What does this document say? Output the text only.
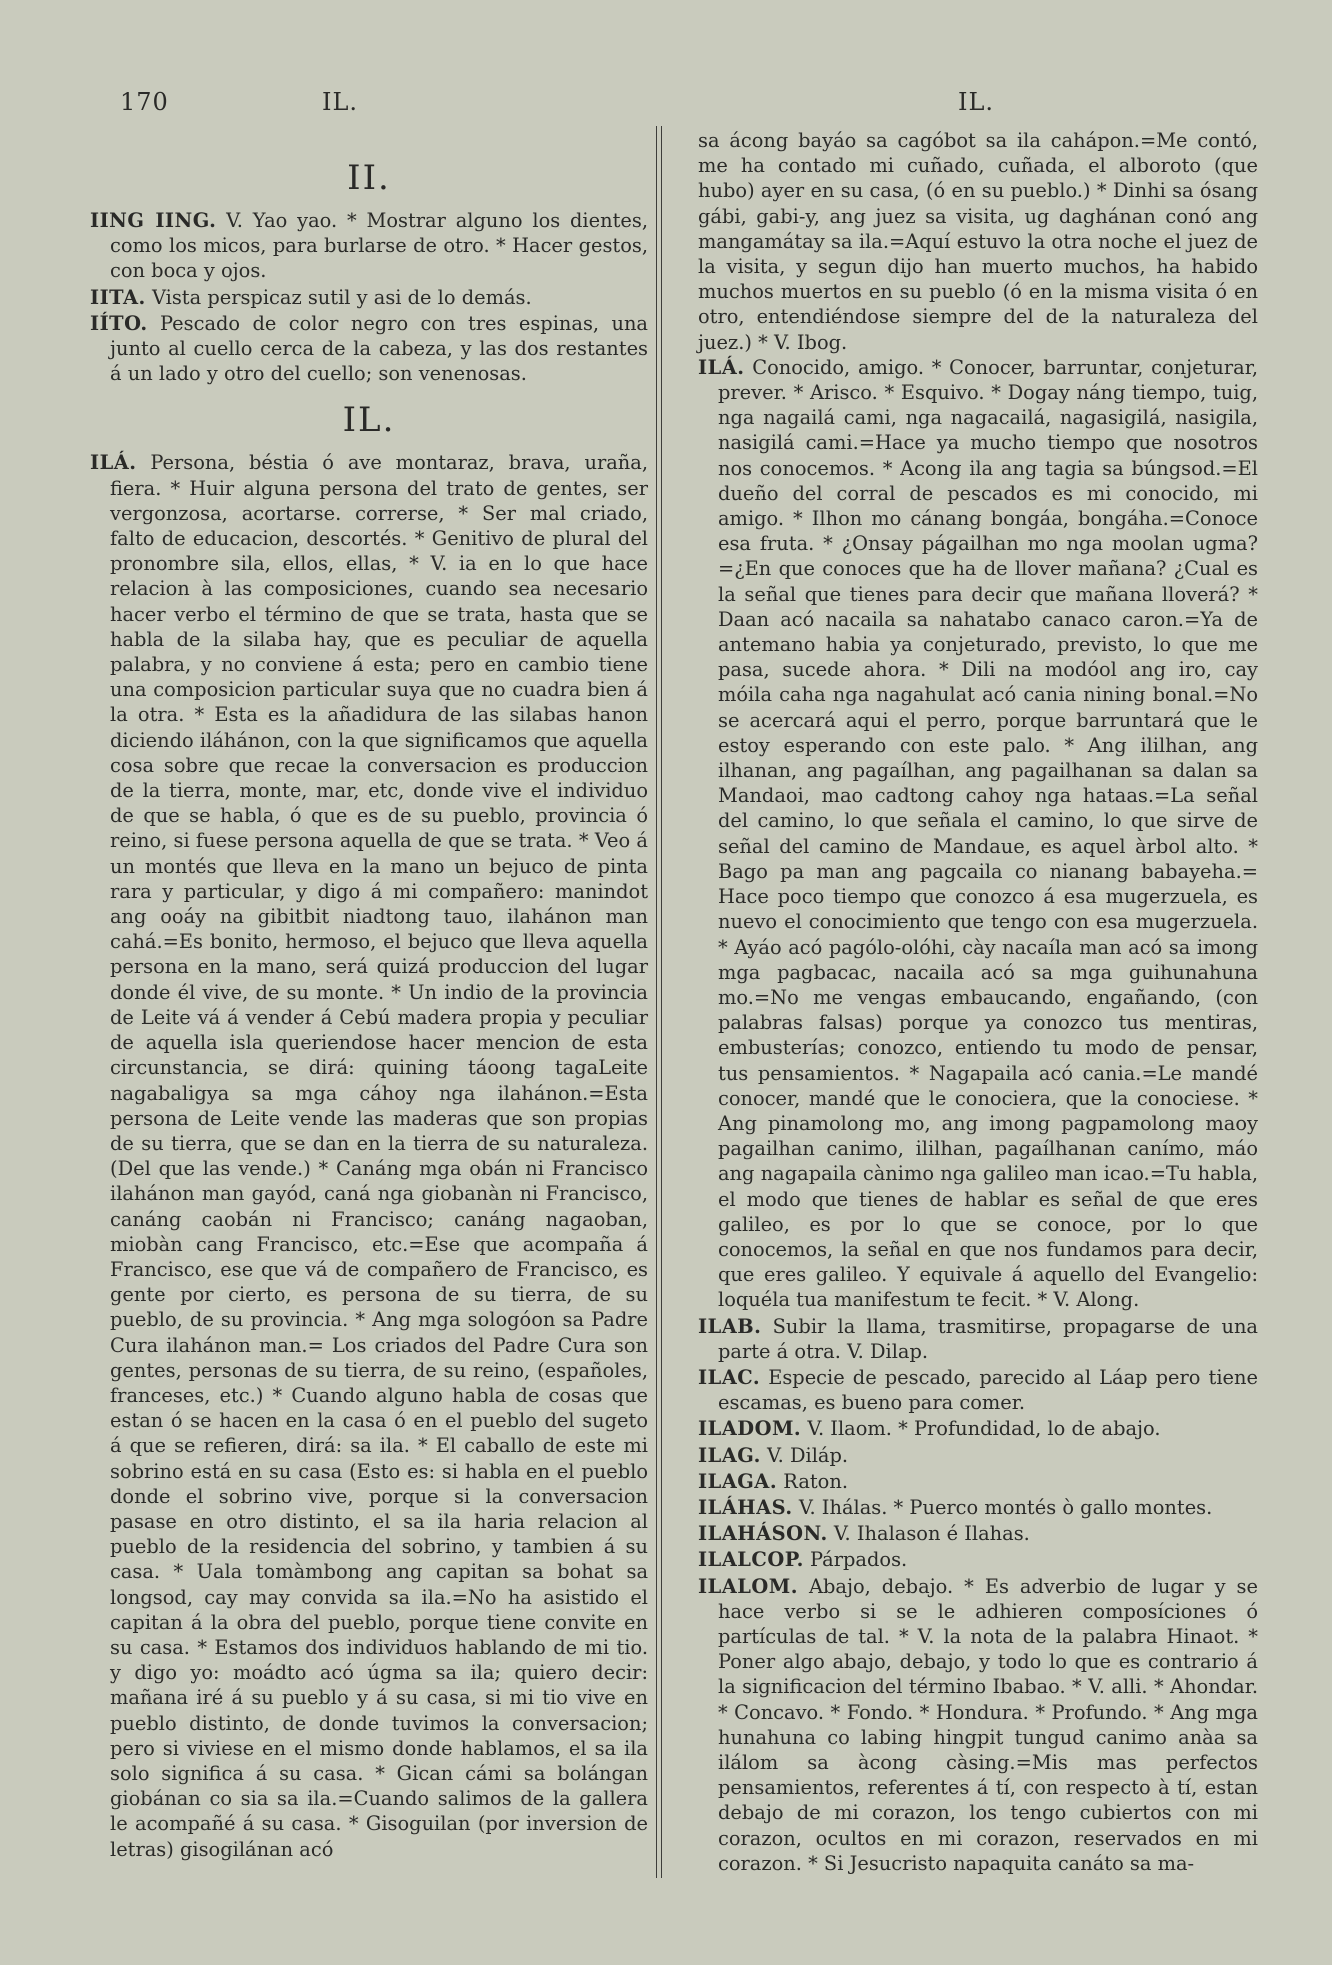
170	IL.	IL.
II.

IING IING. V. Yao yao. * Mostrar alguno los dientes, como los micos, para burlarse de otro. * Hacer gestos, con boca y ojos.

IITA. Vista perspicaz sutil y asi de lo demás.

IÍTO. Pescado de color negro con tres espinas, una junto al cuello cerca de la cabeza, y las dos restantes á un lado y otro del cuello; son venenosas.

IL.

ILÁ. Persona, béstia ó ave montaraz, brava, uraña, fiera. * Huir alguna persona del trato de gentes, ser vergonzosa, acortarse. correrse, * Ser mal criado, falto de educacion, descortés. * Genitivo de plural del pronombre sila, ellos, ellas, * V. ia en lo que hace relacion à las composiciones, cuando sea necesario hacer verbo el término de que se trata, hasta que se habla de la silaba hay, que es peculiar de aquella palabra, y no conviene á esta; pero en cambio tiene una composicion particular suya que no cuadra bien á la otra. * Esta es la añadidura de las silabas hanon diciendo iláhánon, con la que significamos que aquella cosa sobre que recae la conversacion es produccion de la tierra, monte, mar, etc, donde vive el individuo de que se habla, ó que es de su pueblo, provincia ó reino, si fuese persona aquella de que se trata. * Veo á un montés que lleva en la mano un bejuco de pinta rara y particular, y digo á mi compañero: manindot ang ooáy na gibitbit niadtong tauo, ilahánon man cahá.=Es bonito, hermoso, el bejuco que lleva aquella persona en la mano, será quizá produccion del lugar donde él vive, de su monte. * Un indio de la provincia de Leite vá á vender á Cebú madera propia y peculiar de aquella isla queriendose hacer mencion de esta circunstancia, se dirá: quining táoong tagaLeite nagabaligya sa mga cáhoy nga ilahánon.=Esta persona de Leite vende las maderas que son propias de su tierra, que se dan en la tierra de su naturaleza. (Del que las vende.) * Canáng mga obán ni Francisco ilahánon man gayód, caná nga giobanàn ni Francisco, canáng caobán ni Francisco; canáng nagaoban, miobàn cang Francisco, etc.=Ese que acompaña á Francisco, ese que vá de compañero de Francisco, es gente por cierto, es persona de su tierra, de su pueblo, de su provincia. * Ang mga sologóon sa Padre Cura ilahánon man.= Los criados del Padre Cura son gentes, personas de su tierra, de su reino, (españoles, franceses, etc.) * Cuando alguno habla de cosas que estan ó se hacen en la casa ó en el pueblo del sugeto á que se refieren, dirá: sa ila. * El caballo de este mi sobrino está en su casa (Esto es: si habla en el pueblo donde el sobrino vive, porque si la conversacion pasase en otro distinto, el sa ila haria relacion al pueblo de la residencia del sobrino, y tambien á su casa. * Uala tomàmbong ang capitan sa bohat sa longsod, cay may convida sa ila.=No ha asistido el capitan á la obra del pueblo, porque tiene convite en su casa. * Estamos dos individuos hablando de mi tio. y digo yo: moádto acó úgma sa ila; quiero decir: mañana iré á su pueblo y á su casa, si mi tio vive en pueblo distinto, de donde tuvimos la conversacion; pero si viviese en el mismo donde hablamos, el sa ila solo significa á su casa. * Gican cámi sa bolángan giobánan co sia sa ila.=Cuando salimos de la gallera le acompañé á su casa. * Gisoguilan (por inversion de letras) gisogilánan acó

sa ácong bayáo sa cagóbot sa ila cahápon.=Me contó, me ha contado mi cuñado, cuñada, el alboroto (que hubo) ayer en su casa, (ó en su pueblo.) * Dinhi sa ósang gábi, gabi-y, ang juez sa visita, ug daghánan conó ang mangamátay sa ila.=Aquí estuvo la otra noche el juez de la visita, y segun dijo han muerto muchos, ha habido muchos muertos en su pueblo (ó en la misma visita ó en otro, entendiéndose siempre del de la naturaleza del juez.) * V. Ibog.

ILÁ. Conocido, amigo. * Conocer, barruntar, conjeturar, prever. * Arisco. * Esquivo. * Dogay náng tiempo, tuig, nga nagailá cami, nga nagacailá, nagasigilá, nasigila, nasigilá cami.=Hace ya mucho tiempo que nosotros nos conocemos. * Acong ila ang tagia sa búngsod.=El dueño del corral de pescados es mi conocido, mi amigo. * Ilhon mo cánang bongáa, bongáha.=Conoce esa fruta. * ¿Onsay págailhan mo nga moolan ugma?=¿En que conoces que ha de llover mañana? ¿Cual es la señal que tienes para decir que mañana lloverá? * Daan acó nacaila sa nahatabo canaco caron.=Ya de antemano habia ya conjeturado, previsto, lo que me pasa, sucede ahora. * Dili na modóol ang iro, cay móila caha nga nagahulat acó cania nining bonal.=No se acercará aqui el perro, porque barruntará que le estoy esperando con este palo. * Ang ililhan, ang ilhanan, ang pagaílhan, ang pagailhanan sa dalan sa Mandaoi, mao cadtong cahoy nga hataas.=La señal del camino, lo que señala el camino, lo que sirve de señal del camino de Mandaue, es aquel àrbol alto. * Bago pa man ang pagcaila co nianang babayeha.= Hace poco tiempo que conozco á esa mugerzuela, es nuevo el conocimiento que tengo con esa mugerzuela. * Ayáo acó pagólo-olóhi, cày nacaíla man acó sa imong mga pagbacac, nacaila acó sa mga guihunahuna mo.=No me vengas embaucando, engañando, (con palabras falsas) porque ya conozco tus mentiras, embusterías; conozco, entiendo tu modo de pensar, tus pensamientos. * Nagapaila acó cania.=Le mandé conocer, mandé que le conociera, que la conociese. * Ang pinamolong mo, ang imong pagpamolong maoy pagailhan canimo, ililhan, pagaílhanan canímo, máo ang nagapaila cànimo nga galileo man icao.=Tu habla, el modo que tienes de hablar es señal de que eres galileo, es por lo que se conoce, por lo que conocemos, la señal en que nos fundamos para decir, que eres galileo. Y equivale á aquello del Evangelio: loquéla tua manifestum te fecit. * V. Along.

ILAB. Subir la llama, trasmitirse, propagarse de una parte á otra. V. Dilap.

ILAC. Especie de pescado, parecido al Láap pero tiene escamas, es bueno para comer.

ILADOM. V. Ilaom. * Profundidad, lo de abajo.

ILAG. V. Diláp.

ILAGA. Raton.

ILÁHAS. V. Ihálas. * Puerco montés ò gallo montes.

ILAHÁSON. V. Ihalason é Ilahas.

ILALCOP. Párpados.

ILALOM. Abajo, debajo. * Es adverbio de lugar y se hace verbo si se le adhieren composíciones ó partículas de tal. * V. la nota de la palabra Hinaot. * Poner algo abajo, debajo, y todo lo que es contrario á la significacion del término Ibabao. * V. alli. * Ahondar. * Concavo. * Fondo. * Hondura. * Profundo. * Ang mga hunahuna co labing hingpit tungud canimo anàa sa ilálom sa àcong càsing.=Mis mas perfectos pensamientos, referentes á tí, con respecto à tí, estan debajo de mi corazon, los tengo cubiertos con mi corazon, ocultos en mi corazon, reservados en mi corazon. * Si Jesucristo napaquita canáto sa ma-
